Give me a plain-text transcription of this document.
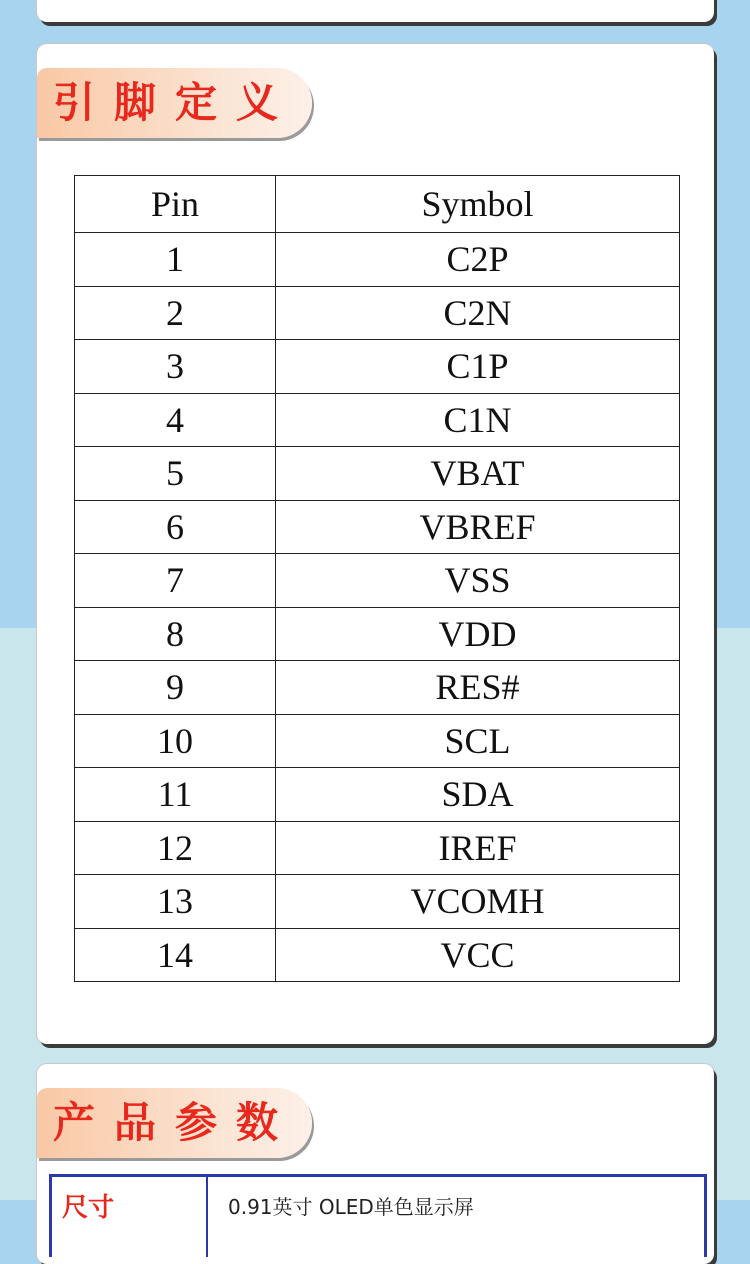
引脚定义
Pin	Symbol
1	C2P
2	C2N
3	C1P
4	C1N
5	VBAT
6	VBREF
7	VSS
8	VDD
9	RES#
10	SCL
11	SDA
12	IREF
13	VCOMH
14	VCC
产品参数

尺寸	0.91英寸 OLED单色显示屏
